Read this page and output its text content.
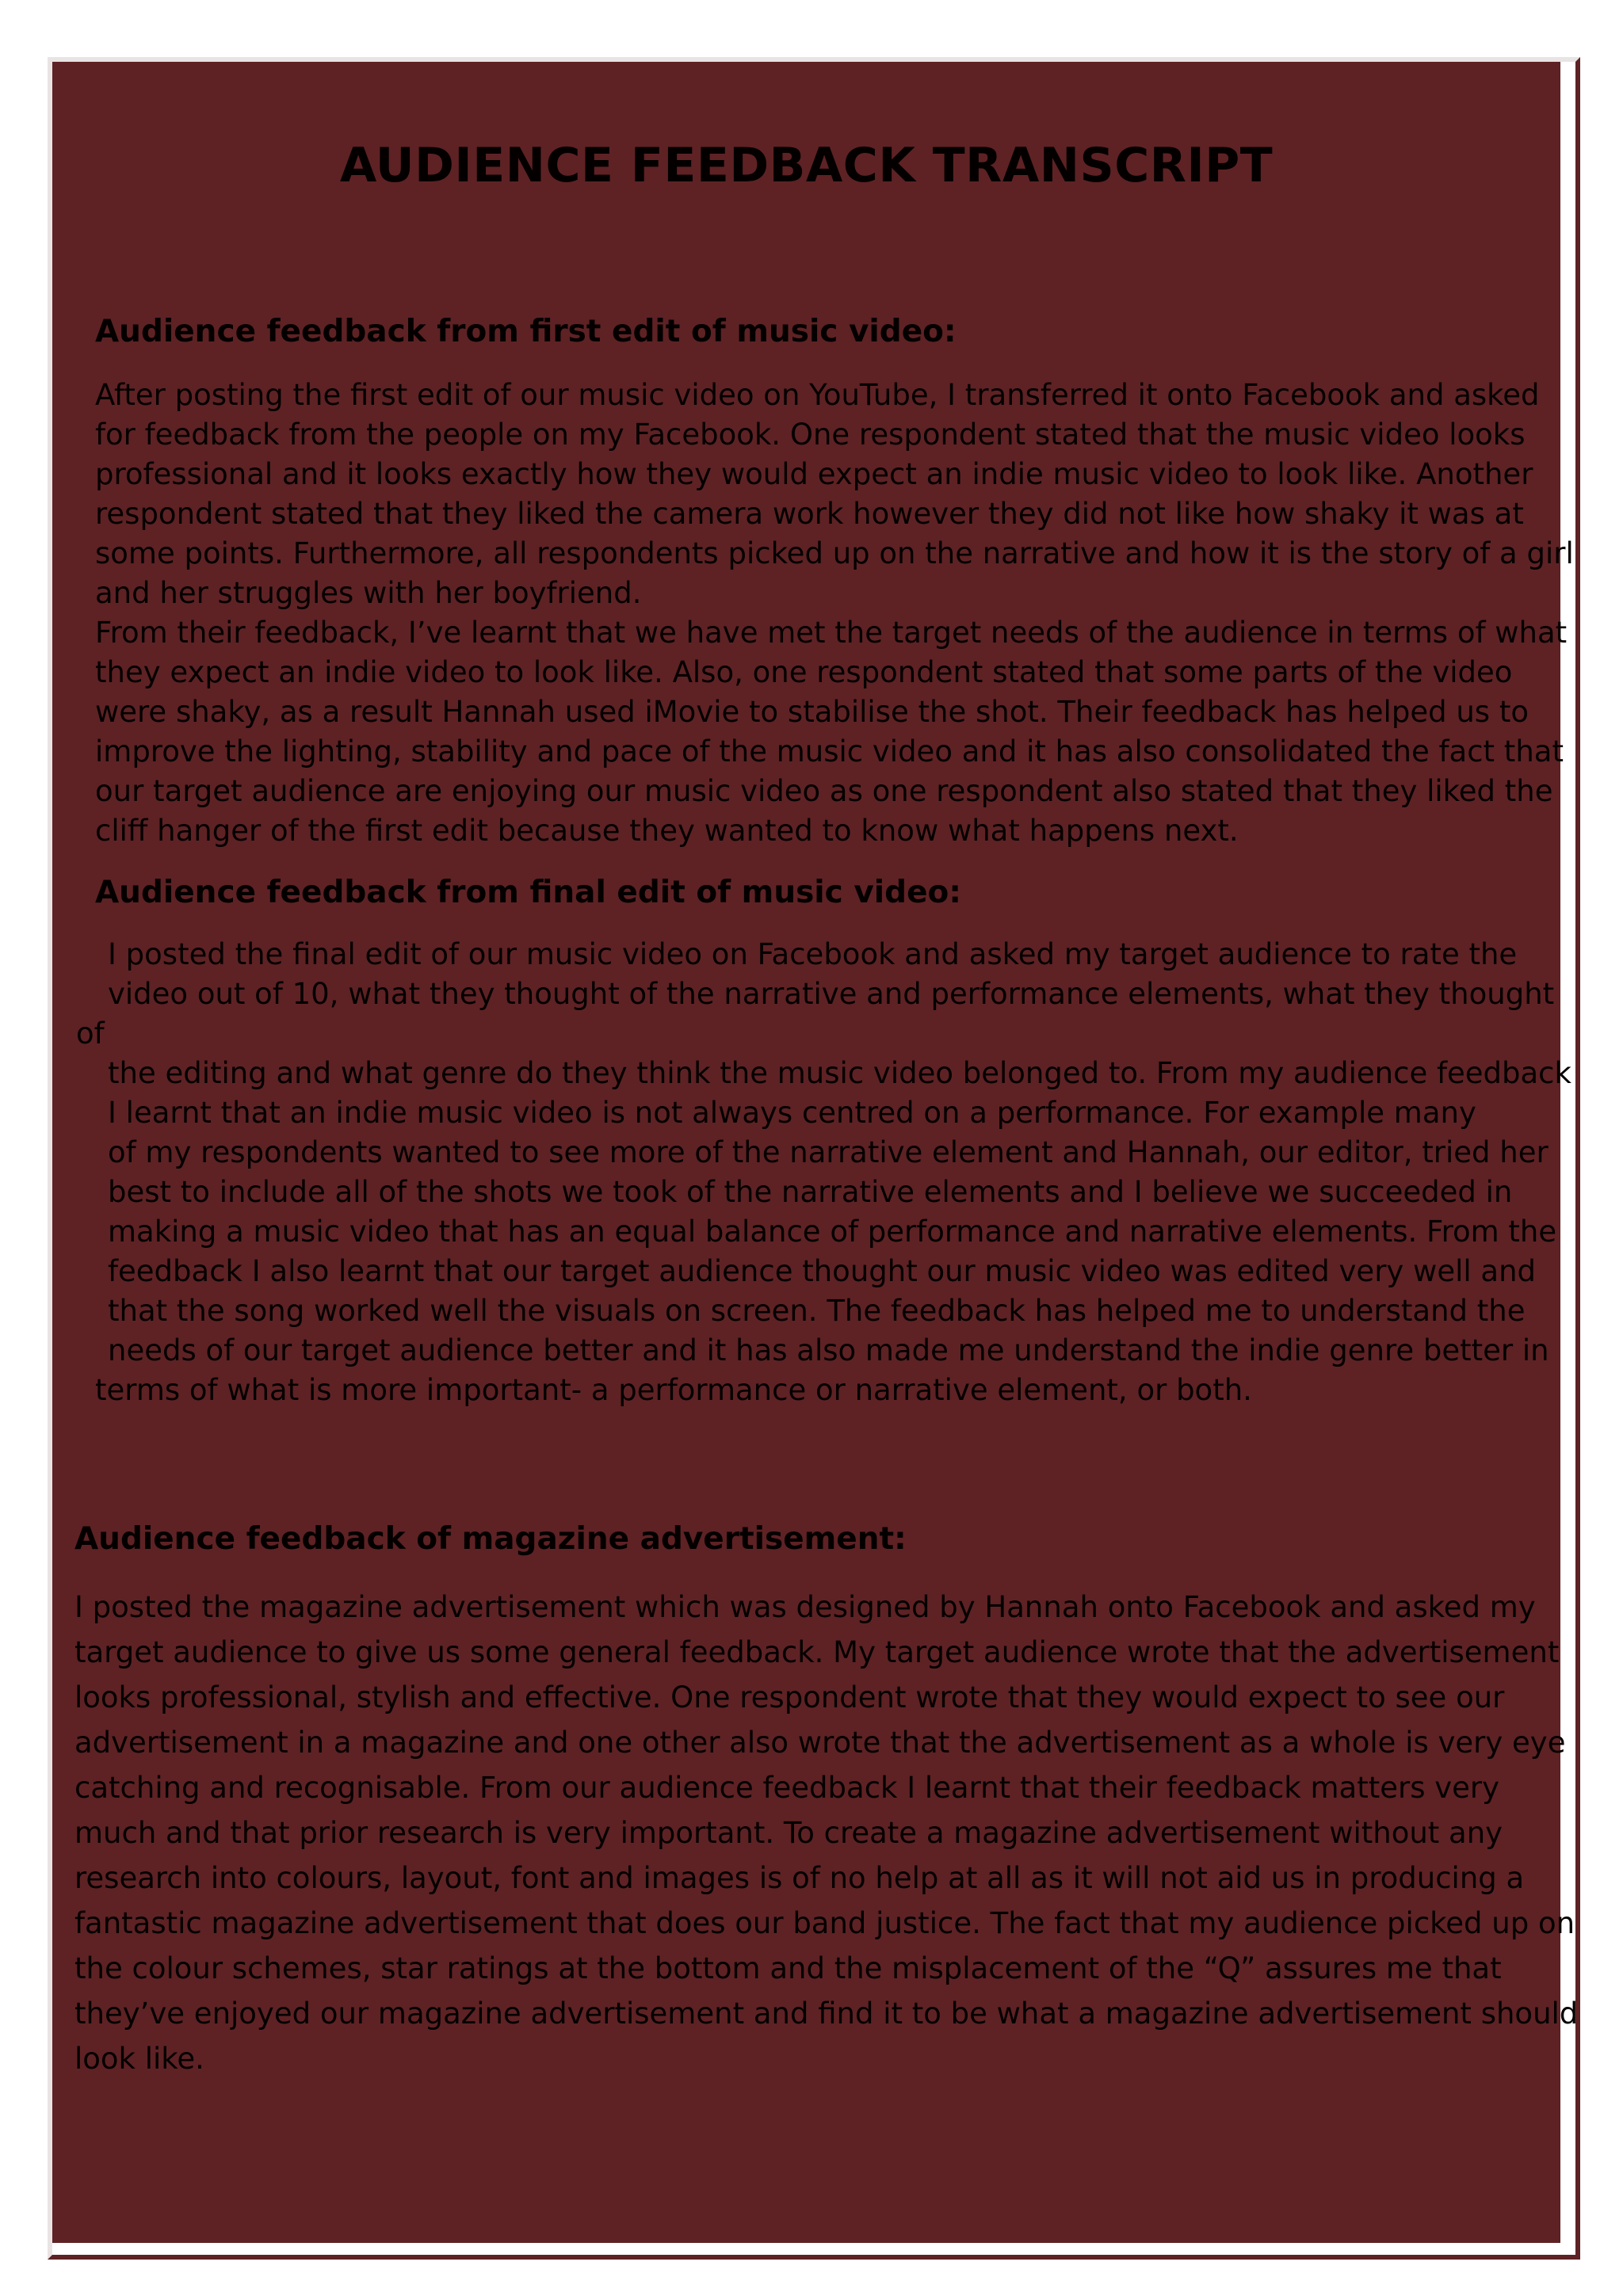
AUDIENCE FEEDBACK TRANSCRIPT
Audience feedback from first edit of music video:
After posting the first edit of our music video on YouTube, I transferred it onto Facebook and asked
for feedback from the people on my Facebook. One respondent stated that the music video looks
professional and it looks exactly how they would expect an indie music video to look like. Another
respondent stated that they liked the camera work however they did not like how shaky it was at
some points. Furthermore, all respondents picked up on the narrative and how it is the story of a girl
and her struggles with her boyfriend.
From their feedback, I’ve learnt that we have met the target needs of the audience in terms of what
they expect an indie video to look like. Also, one respondent stated that some parts of the video
were shaky, as a result Hannah used iMovie to stabilise the shot. Their feedback has helped us to
improve the lighting, stability and pace of the music video and it has also consolidated the fact that
our target audience are enjoying our music video as one respondent also stated that they liked the
cliff hanger of the first edit because they wanted to know what happens next.
Audience feedback from final edit of music video:
I posted the final edit of our music video on Facebook and asked my target audience to rate the
video out of 10, what they thought of the narrative and performance elements, what they thought
of
the editing and what genre do they think the music video belonged to. From my audience feedback
I learnt that an indie music video is not always centred on a performance. For example many
of my respondents wanted to see more of the narrative element and Hannah, our editor, tried her
best to include all of the shots we took of the narrative elements and I believe we succeeded in
making a music video that has an equal balance of performance and narrative elements. From the
feedback I also learnt that our target audience thought our music video was edited very well and
that the song worked well the visuals on screen. The feedback has helped me to understand the
needs of our target audience better and it has also made me understand the indie genre better in
terms of what is more important- a performance or narrative element, or both.
Audience feedback of magazine advertisement:
I posted the magazine advertisement which was designed by Hannah onto Facebook and asked my
target audience to give us some general feedback. My target audience wrote that the advertisement
looks professional, stylish and effective. One respondent wrote that they would expect to see our
advertisement in a magazine and one other also wrote that the advertisement as a whole is very eye
catching and recognisable. From our audience feedback I learnt that their feedback matters very
much and that prior research is very important. To create a magazine advertisement without any
research into colours, layout, font and images is of no help at all as it will not aid us in producing a
fantastic magazine advertisement that does our band justice. The fact that my audience picked up on
the colour schemes, star ratings at the bottom and the misplacement of the “Q” assures me that
they’ve enjoyed our magazine advertisement and find it to be what a magazine advertisement should
look like.
